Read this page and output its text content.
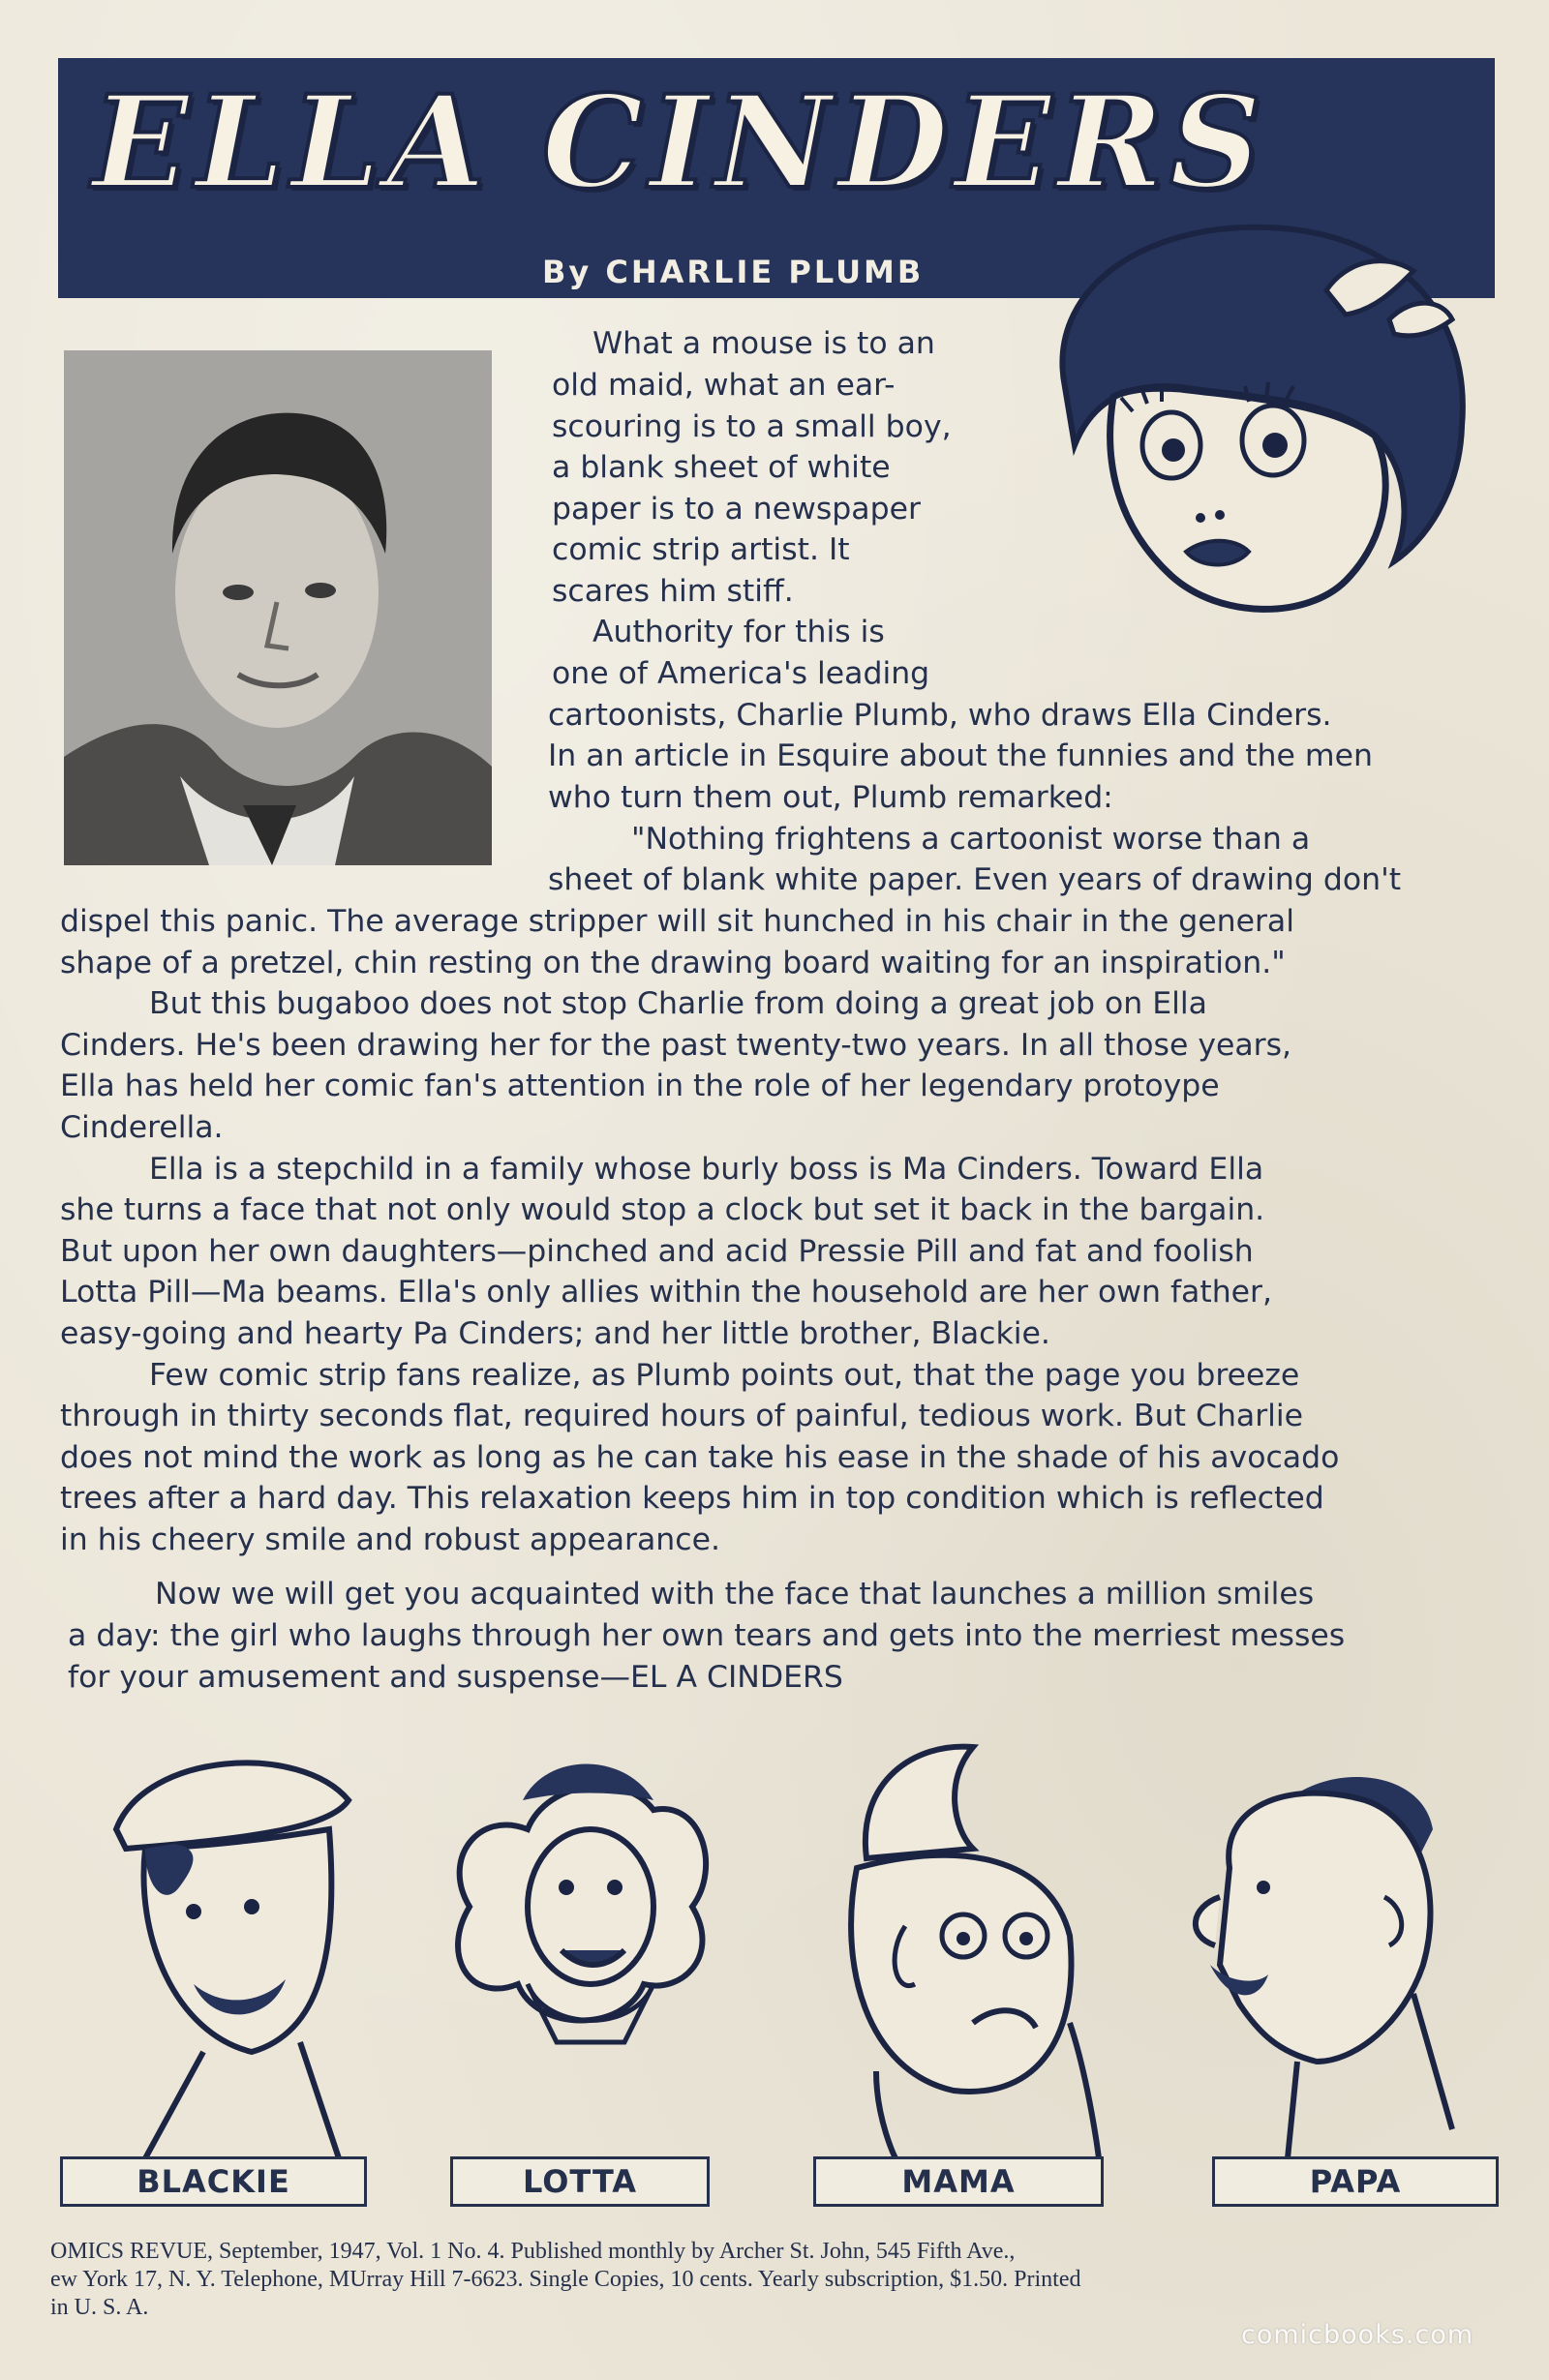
ELLA CINDERS
By CHARLIE PLUMB
What a mouse is to an
old maid, what an ear-
scouring is to a small boy,
a blank sheet of white
paper is to a newspaper
comic strip artist. It
scares him stiff.
Authority for this is
one of America's leading
cartoonists, Charlie Plumb, who draws Ella Cinders.
In an article in Esquire about the funnies and the men
who turn them out, Plumb remarked:
"Nothing frightens a cartoonist worse than a
sheet of blank white paper. Even years of drawing don't
dispel this panic. The average stripper will sit hunched in his chair in the general
shape of a pretzel, chin resting on the drawing board waiting for an inspiration."
But this bugaboo does not stop Charlie from doing a great job on Ella
Cinders. He's been drawing her for the past twenty-two years. In all those years,
Ella has held her comic fan's attention in the role of her legendary protoype
Cinderella.
Ella is a stepchild in a family whose burly boss is Ma Cinders. Toward Ella
she turns a face that not only would stop a clock but set it back in the bargain.
But upon her own daughters—pinched and acid Pressie Pill and fat and foolish
Lotta Pill—Ma beams. Ella's only allies within the household are her own father,
easy-going and hearty Pa Cinders; and her little brother, Blackie.
Few comic strip fans realize, as Plumb points out, that the page you breeze
through in thirty seconds flat, required hours of painful, tedious work. But Charlie
does not mind the work as long as he can take his ease in the shade of his avocado
trees after a hard day. This relaxation keeps him in top condition which is reflected
in his cheery smile and robust appearance.
Now we will get you acquainted with the face that launches a million smiles
a day: the girl who laughs through her own tears and gets into the merriest messes
for your amusement and suspense—EL A CINDERS
BLACKIE	LOTTA	MAMA	PAPA
OMICS REVUE, September, 1947, Vol. 1 No. 4. Published monthly by Archer St. John, 545 Fifth Ave.,
ew York 17, N. Y. Telephone, MUrray Hill 7-6623. Single Copies, 10 cents. Yearly subscription, $1.50. Printed
in U. S. A.
comicbooks.com
